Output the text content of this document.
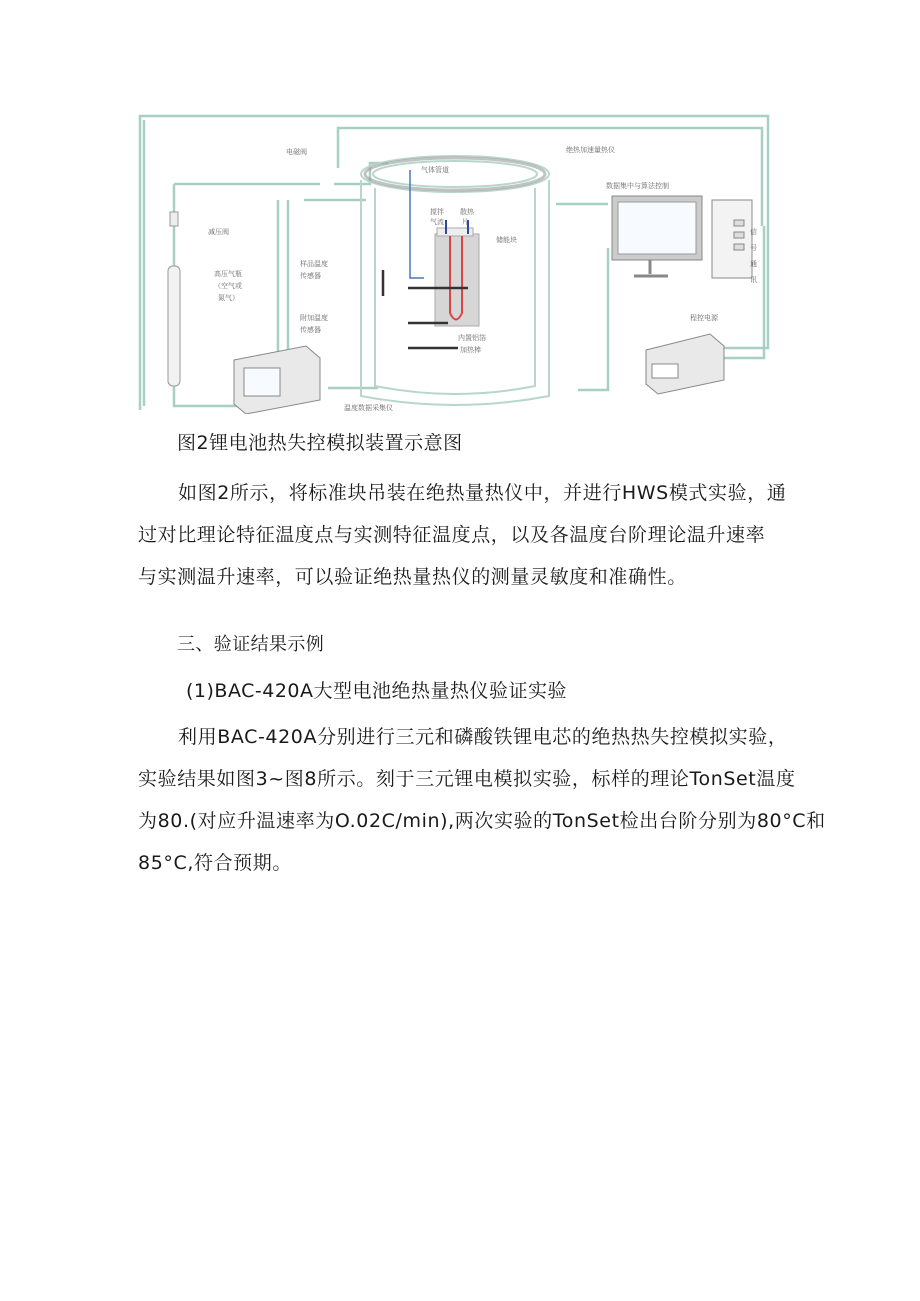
电磁阀
气体管道
绝热加速量热仪
数据集中与算法控制
减压阀
高压气瓶
（空气或
氮气）
样品温度
传感器
附加温度
传感器
搅拌
气流
散热
片
储能块
内置铝箔
加热棒
程控电源
温度数据采集仪
信
号
通
讯
图2锂电池热失控模拟装置示意图
如图2所示，将标准块吊装在绝热量热仪中，并进行HWS模式实验，通
过对比理论特征温度点与实测特征温度点，以及各温度台阶理论温升速率
与实测温升速率，可以验证绝热量热仪的测量灵敏度和准确性。
三、验证结果示例
(1)BAC-420A大型电池绝热量热仪验证实验
利用BAC-420A分别进行三元和磷酸铁锂电芯的绝热热失控模拟实验，
实验结果如图3~图8所示。刻于三元锂电模拟实验，标样的理论TonSet温度
为80.(对应升温速率为O.02C∕min),两次实验的TonSet检出台阶分别为80°C和
85°C,符合预期。
